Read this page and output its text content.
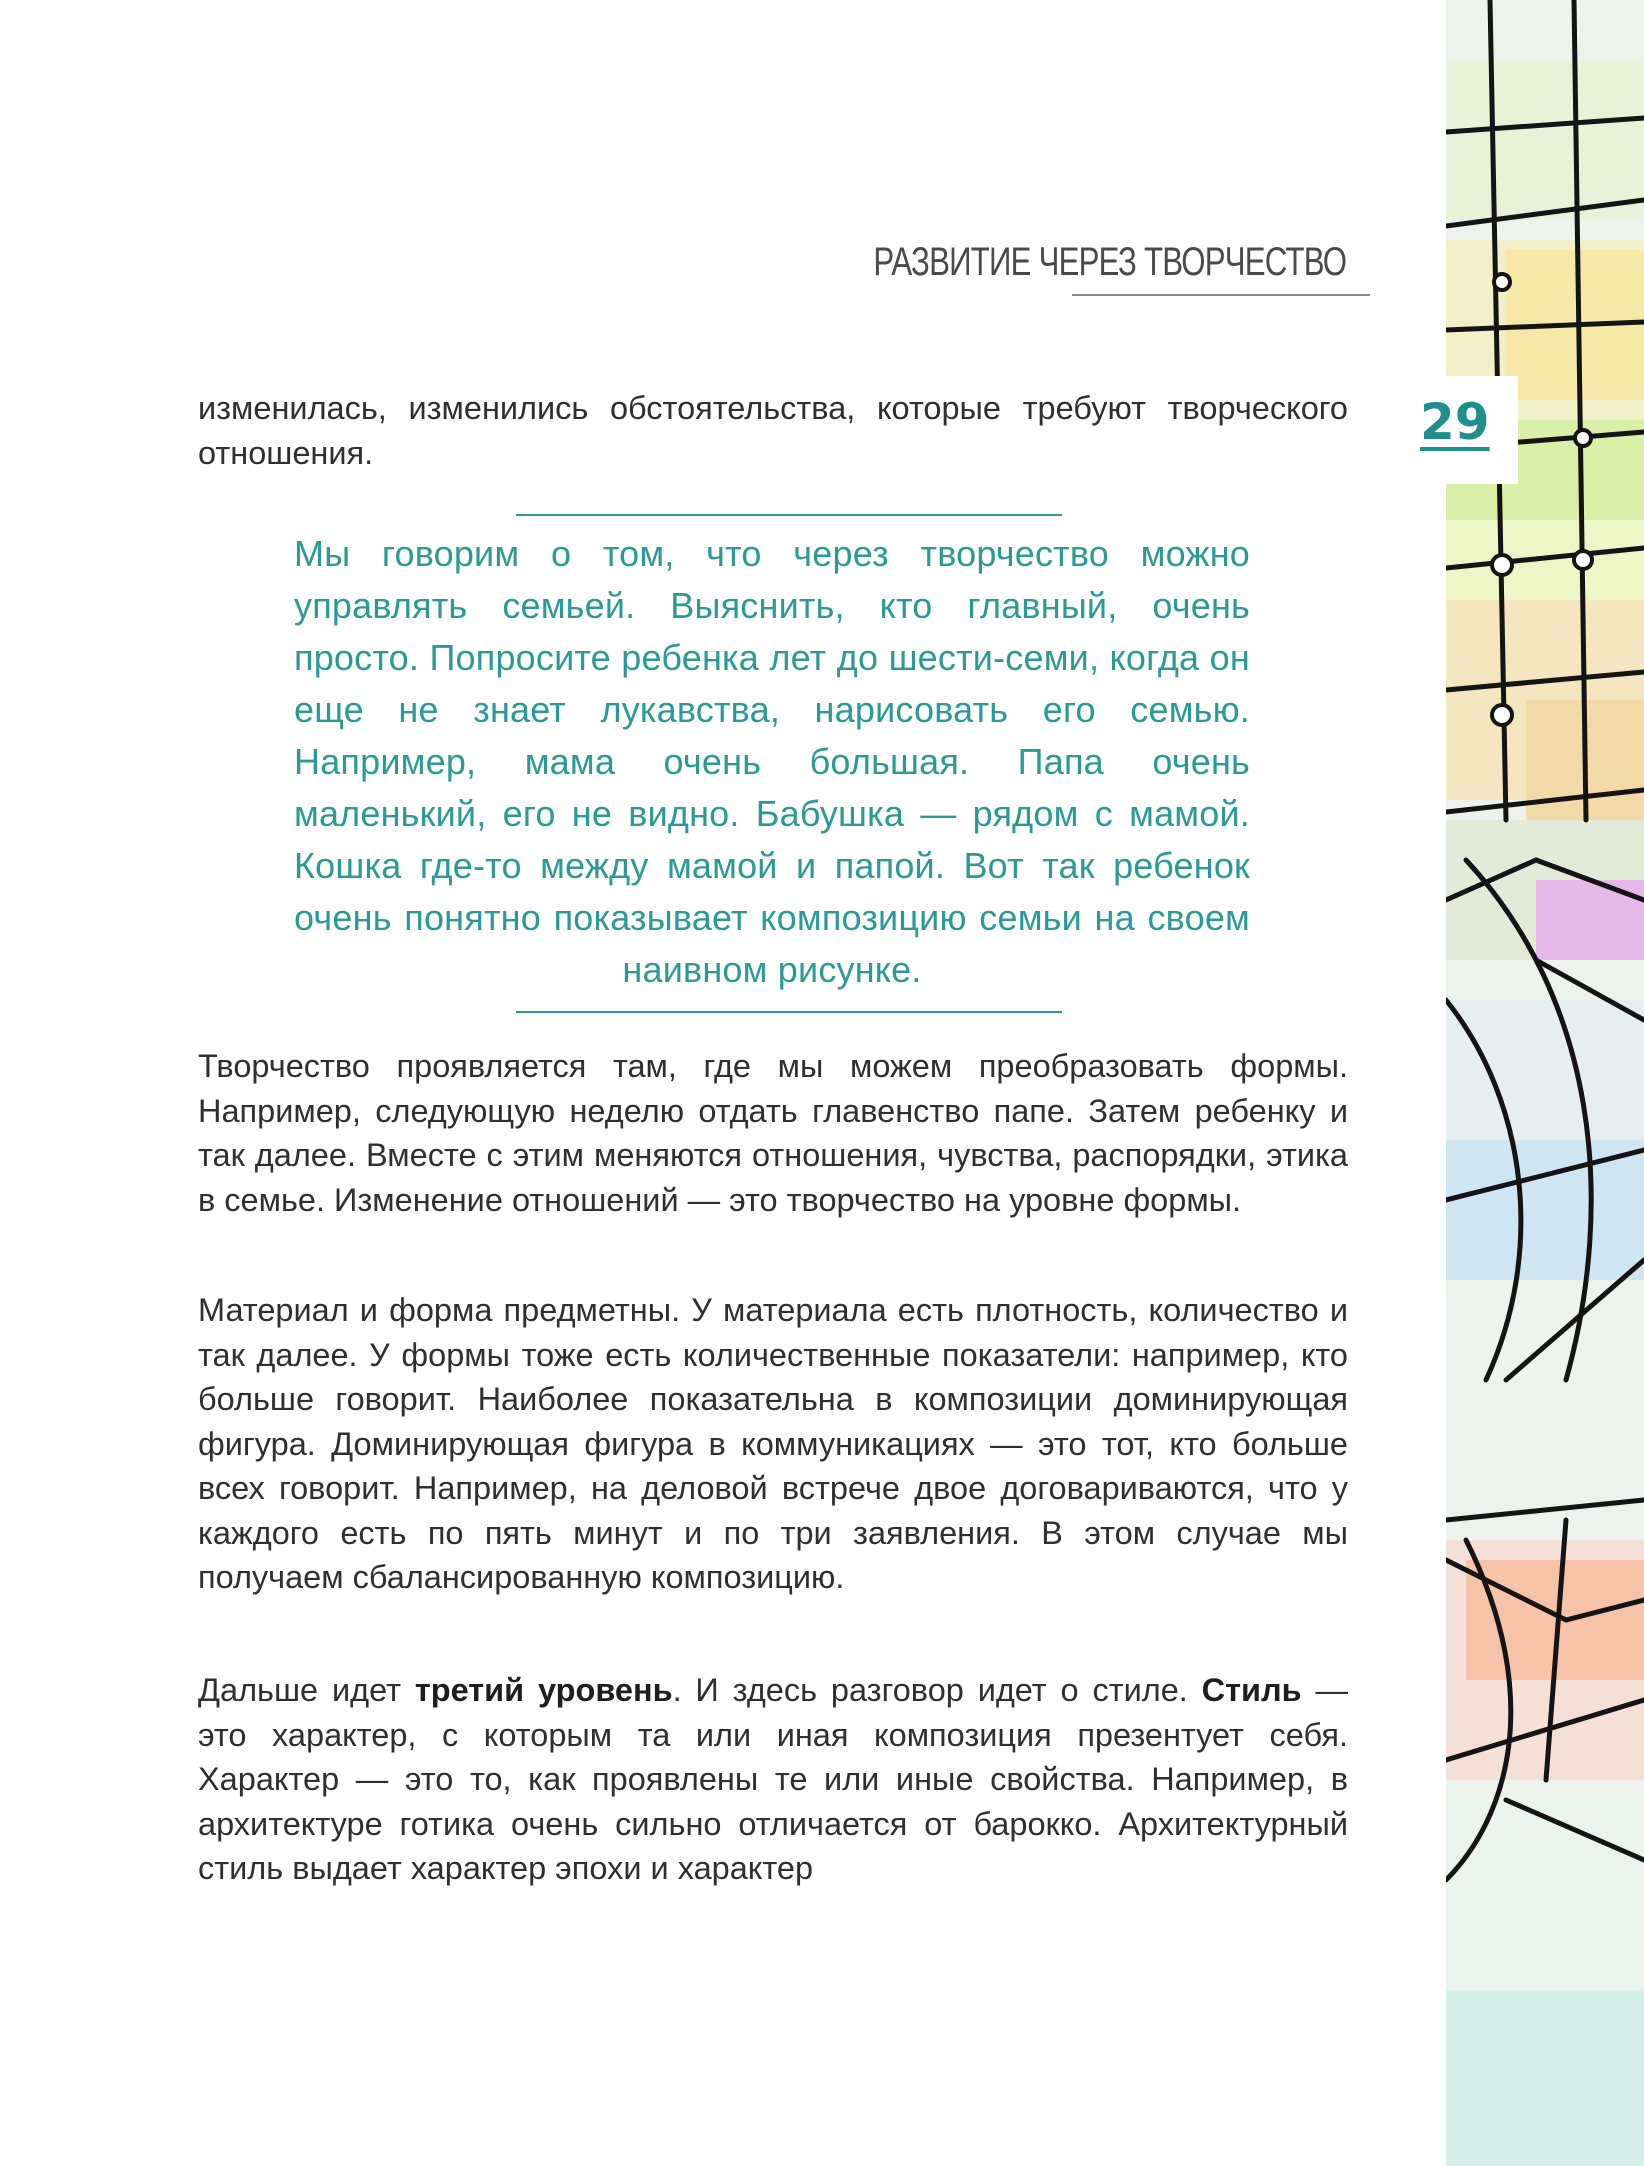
РАЗВИТИЕ ЧЕРЕЗ ТВОРЧЕСТВО
29

изменилась, изменились обстоятельства, которые требуют творческого отношения.

Мы говорим о том, что через творчество можно управлять семьей. Выяснить, кто главный, очень просто. Попросите ребенка лет до шести-семи, когда он еще не знает лукавства, нарисовать его семью. Например, мама очень большая. Папа очень маленький, его не видно. Бабушка — рядом с мамой. Кошка где-то между мамой и папой. Вот так ребенок очень понятно показывает композицию семьи на своем наивном рисунке.

Творчество проявляется там, где мы можем преобразовать формы. Например, следующую неделю отдать главенство папе. Затем ребенку и так далее. Вместе с этим меняются отношения, чувства, распорядки, этика в семье. Изменение отношений — это творчество на уровне формы.

Материал и форма предметны. У материала есть плотность, количество и так далее. У формы тоже есть количественные показатели: например, кто больше говорит. Наиболее показательна в композиции доминирующая фигура. Доминирующая фигура в коммуникациях — это тот, кто больше всех говорит. Например, на деловой встрече двое договариваются, что у каждого есть по пять минут и по три заявления. В этом случае мы получаем сбалансированную композицию.

Дальше идет третий уровень. И здесь разговор идет о стиле. Стиль — это характер, с которым та или иная композиция презентует себя. Характер — это то, как проявлены те или иные свойства. Например, в архитектуре готика очень сильно отличается от барокко. Архитектурный стиль выдает характер эпохи и характер
